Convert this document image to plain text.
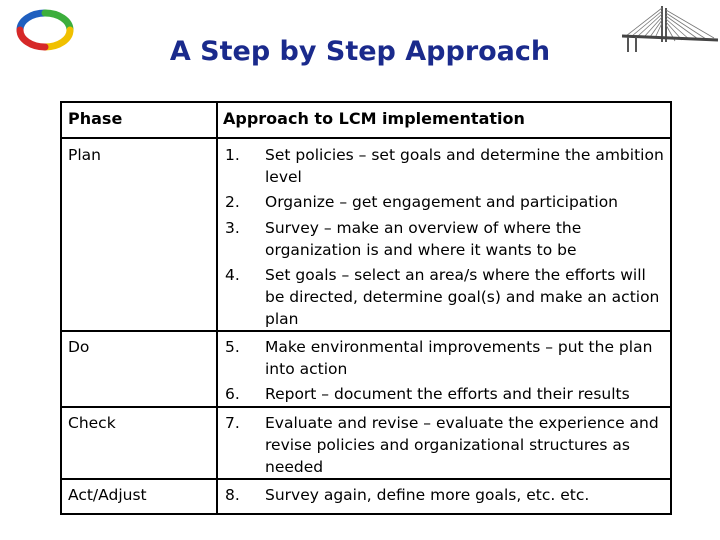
A Step by Step Approach
Phase	Approach to LCM implementation
Plan
Do
Check
Act/Adjust
1. Set policies – set goals and determine the ambition level
2. Organize – get engagement and participation
3. Survey – make an overview of where the organization is and where it wants to be
4. Set goals – select an area/s where the efforts will be directed, determine goal(s) and make an action plan
5. Make environmental improvements – put the plan into action
6. Report – document the efforts and their results
7. Evaluate and revise – evaluate the experience and revise policies and organizational structures as needed
8. Survey again, define more goals, etc. etc.
